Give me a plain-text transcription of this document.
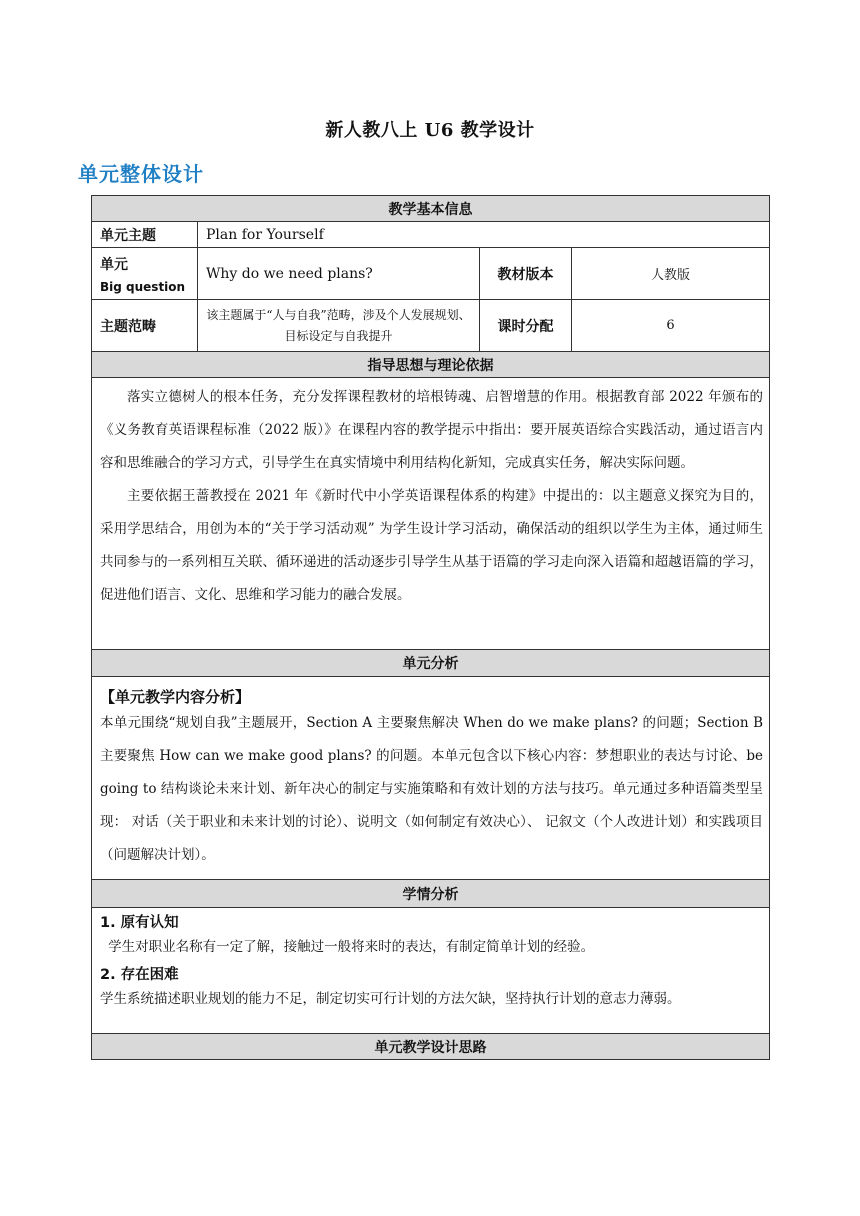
新人教八上 U6 教学设计
单元整体设计
教学基本信息			
单元主题	Plan for Yourself		
单元
Big question	Why do we need plans?	教材版本	人教版
主题范畴	该主题属于“人与自我”范畴，涉及个人发展规划、目标设定与自我提升	课时分配	6
指导思想与理论依据			

落实立德树人的根本任务，充分发挥课程教材的培根铸魂、启智增慧的作用。根据教育部 2022 年颁布的《义务教育英语课程标准（2022 版）》在课程内容的教学提示中指出：要开展英语综合实践活动，通过语言内容和思维融合的学习方式，引导学生在真实情境中利用结构化新知，完成真实任务，解决实际问题。

主要依据王蔷教授在 2021 年《新时代中小学英语课程体系的构建》中提出的：以主题意义探究为目的，采用学思结合，用创为本的“关于学习活动观” 为学生设计学习活动，确保活动的组织以学生为主体，通过师生共同参与的一系列相互关联、循环递进的活动逐步引导学生从基于语篇的学习走向深入语篇和超越语篇的学习，促进他们语言、文化、思维和学习能力的融合发展。			

单元分析			

【单元教学内容分析】

本单元围绕“规划自我”主题展开，Section A 主要聚焦解决 When do we make plans? 的问题；Section B 主要聚焦 How can we make good plans? 的问题。本单元包含以下核心内容：梦想职业的表达与讨论、be going to 结构谈论未来计划、新年决心的制定与实施策略和有效计划的方法与技巧。单元通过多种语篇类型呈现： 对话（关于职业和未来计划的讨论）、说明文（如何制定有效决心）、 记叙文（个人改进计划）和实践项目（问题解决计划）。			

学情分析			

1. 原有认知

学生对职业名称有一定了解，接触过一般将来时的表达，有制定简单计划的经验。

2. 存在困难

学生系统描述职业规划的能力不足，制定切实可行计划的方法欠缺，坚持执行计划的意志力薄弱。			

单元教学设计思路			
